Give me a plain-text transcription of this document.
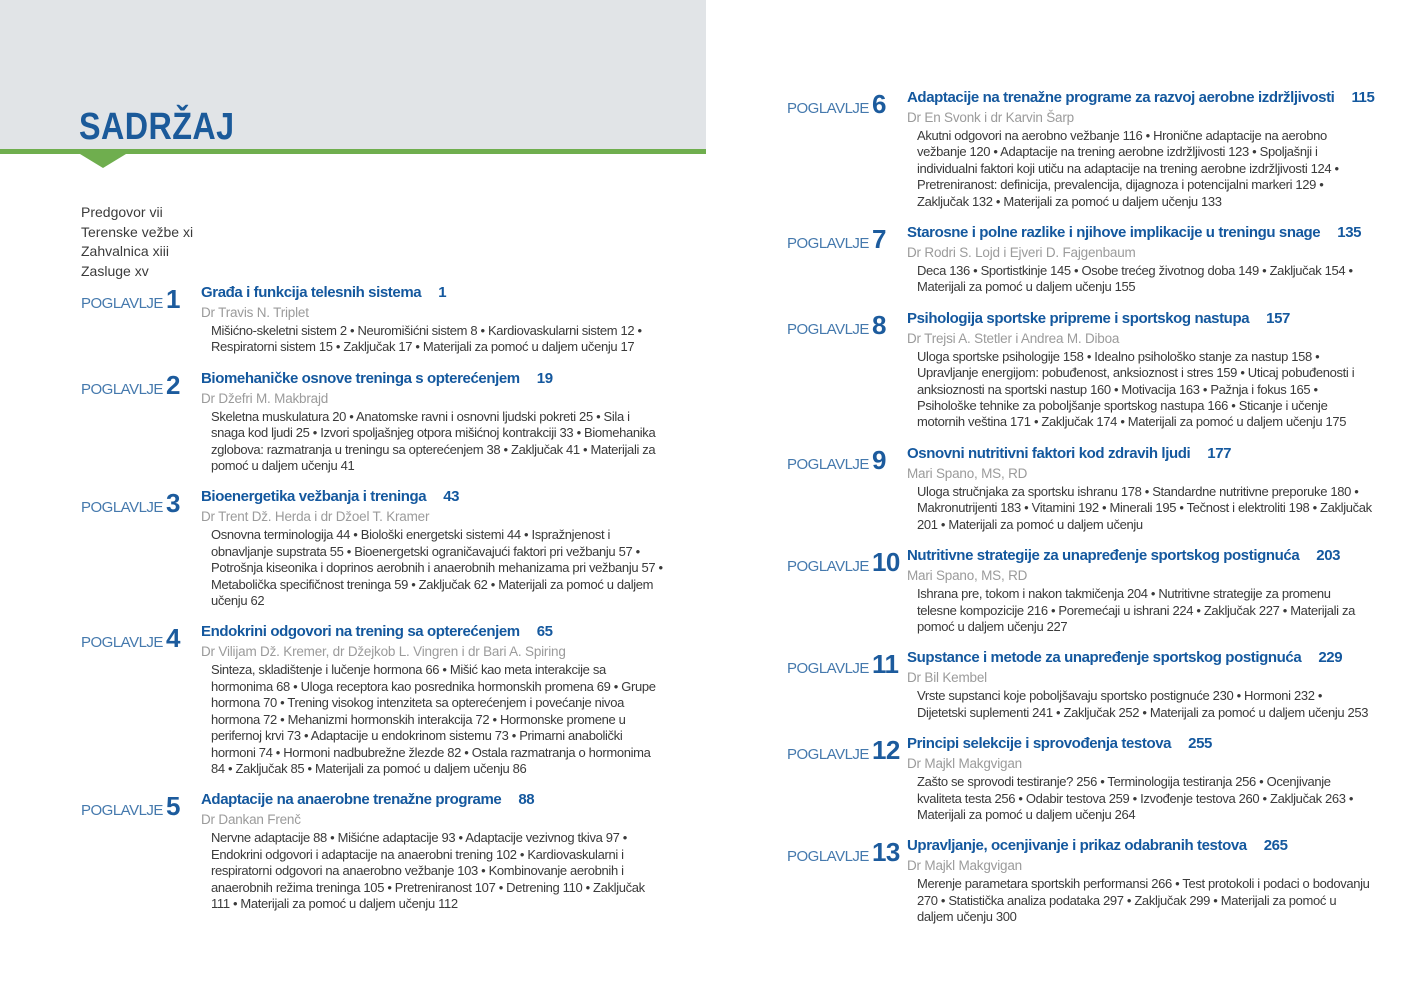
SADRŽAJ
Predgovor vii
Terenske vežbe xi
Zahvalnica xiii
Zasluge xv
POGLAVLJE 1	Građa i funkcija telesnih sistema 1
Dr Travis N. Triplet
Mišićno-skeletni sistem 2 • Neuromišićni sistem 8 • Kardiovaskularni sistem 12 • Respiratorni sistem 15 • Zaključak 17 • Materijali za pomoć u daljem učenju 17
POGLAVLJE 2	Biomehaničke osnove treninga s opterećenjem 19
Dr Džefri M. Makbrajd
Skeletna muskulatura 20 • Anatomske ravni i osnovni ljudski pokreti 25 • Sila i snaga kod ljudi 25 • Izvori spoljašnjeg otpora mišićnoj kontrakciji 33 • Biomehanika zglobova: razmatranja u treningu sa opterećenjem 38 • Zaključak 41 • Materijali za pomoć u daljem učenju 41
POGLAVLJE 3	Bioenergetika vežbanja i treninga 43
Dr Trent Dž. Herda i dr Džoel T. Kramer
Osnovna terminologija 44 • Biološki energetski sistemi 44 • Ispražnjenost i obnavljanje supstrata 55 • Bioenergetski ograničavajući faktori pri vežbanju 57 • Potrošnja kiseonika i doprinos aerobnih i anaerobnih mehanizama pri vežbanju 57 • Metabolička specifičnost treninga 59 • Zaključak 62 • Materijali za pomoć u daljem učenju 62
POGLAVLJE 4	Endokrini odgovori na trening sa opterećenjem 65
Dr Vilijam Dž. Kremer, dr Džejkob L. Vingren i dr Bari A. Spiring
Sinteza, skladištenje i lučenje hormona 66 • Mišić kao meta interakcije sa hormonima 68 • Uloga receptora kao posrednika hormonskih promena 69 • Grupe hormona 70 • Trening visokog intenziteta sa opterećenjem i povećanje nivoa hormona 72 • Mehanizmi hormonskih interakcija 72 • Hormonske promene u perifernoj krvi 73 • Adaptacije u endokrinom sistemu 73 • Primarni anabolički hormoni 74 • Hormoni nadbubrežne žlezde 82 • Ostala razmatranja o hormonima 84 • Zaključak 85 • Materijali za pomoć u daljem učenju 86
POGLAVLJE 5	Adaptacije na anaerobne trenažne programe 88
Dr Dankan Frenč
Nervne adaptacije 88 • Mišićne adaptacije 93 • Adaptacije vezivnog tkiva 97 • Endokrini odgovori i adaptacije na anaerobni trening 102 • Kardiovaskularni i respiratorni odgovori na anaerobno vežbanje 103 • Kombinovanje aerobnih i anaerobnih režima treninga 105 • Pretreniranost 107 • Detrening 110 • Zaključak 111 • Materijali za pomoć u daljem učenju 112
POGLAVLJE 6	Adaptacije na trenažne programe za razvoj aerobne izdržljivosti 115
Dr En Svonk i dr Karvin Šarp
Akutni odgovori na aerobno vežbanje 116 • Hronične adaptacije na aerobno vežbanje 120 • Adaptacije na trening aerobne izdržljivosti 123 • Spoljašnji i individualni faktori koji utiču na adaptacije na trening aerobne izdržljivosti 124 • Pretreniranost: definicija, prevalencija, dijagnoza i potencijalni markeri 129 • Zaključak 132 • Materijali za pomoć u daljem učenju 133
POGLAVLJE 7	Starosne i polne razlike i njihove implikacije u treningu snage 135
Dr Rodri S. Lojd i Ejveri D. Fajgenbaum
Deca 136 • Sportistkinje 145 • Osobe trećeg životnog doba 149 • Zaključak 154 • Materijali za pomoć u daljem učenju 155
POGLAVLJE 8	Psihologija sportske pripreme i sportskog nastupa 157
Dr Trejsi A. Stetler i Andrea M. Diboa
Uloga sportske psihologije 158 • Idealno psihološko stanje za nastup 158 • Upravljanje energijom: pobuđenost, anksioznost i stres 159 • Uticaj pobuđenosti i anksioznosti na sportski nastup 160 • Motivacija 163 • Pažnja i fokus 165 • Psihološke tehnike za poboljšanje sportskog nastupa 166 • Sticanje i učenje motornih veština 171 • Zaključak 174 • Materijali za pomoć u daljem učenju 175
POGLAVLJE 9	Osnovni nutritivni faktori kod zdravih ljudi 177
Mari Spano, MS, RD
Uloga stručnjaka za sportsku ishranu 178 • Standardne nutritivne preporuke 180 • Makronutrijenti 183 • Vitamini 192 • Minerali 195 • Tečnost i elektroliti 198 • Zaključak 201 • Materijali za pomoć u daljem učenju
POGLAVLJE 10 Nutritivne strategije za unapređenje sportskog postignuća 203
Mari Spano, MS, RD
Ishrana pre, tokom i nakon takmičenja 204 • Nutritivne strategije za promenu telesne kompozicije 216 • Poremećaji u ishrani 224 • Zaključak 227 • Materijali za pomoć u daljem učenju 227
POGLAVLJE 11 Supstance i metode za unapređenje sportskog postignuća 229
Dr Bil Kembel
Vrste supstanci koje poboljšavaju sportsko postignuće 230 • Hormoni 232 • Dijetetski suplementi 241 • Zaključak 252 • Materijali za pomoć u daljem učenju 253
POGLAVLJE 12 Principi selekcije i sprovođenja testova 255
Dr Majkl Makgvigan
Zašto se sprovodi testiranje? 256 • Terminologija testiranja 256 • Ocenjivanje kvaliteta testa 256 • Odabir testova 259 • Izvođenje testova 260 • Zaključak 263 • Materijali za pomoć u daljem učenju 264
POGLAVLJE 13 Upravljanje, ocenjivanje i prikaz odabranih testova 265
Dr Majkl Makgvigan
Merenje parametara sportskih performansi 266 • Test protokoli i podaci o bodovanju 270 • Statistička analiza podataka 297 • Zaključak 299 • Materijali za pomoć u daljem učenju 300
